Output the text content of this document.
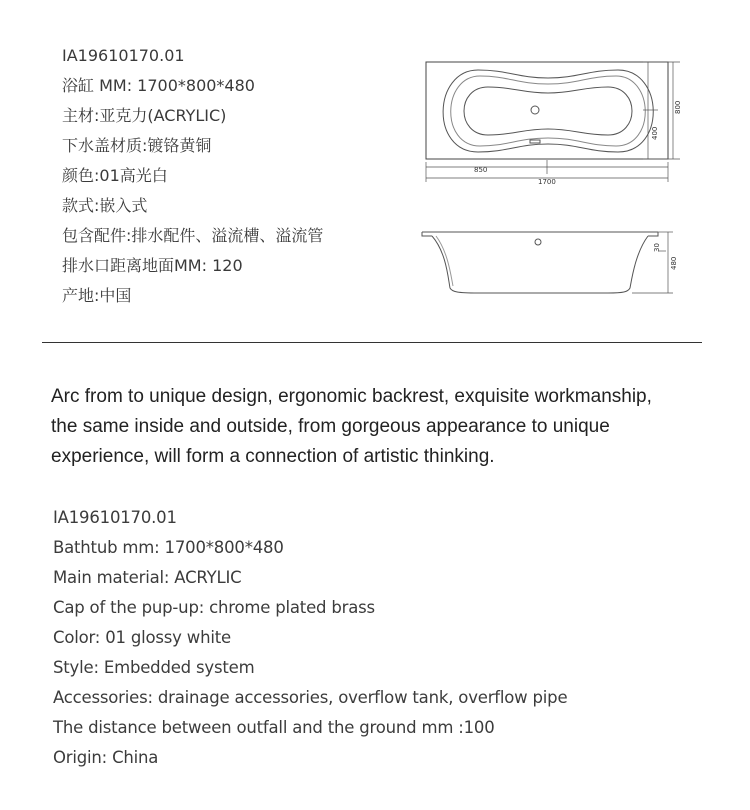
IA19610170.01
浴缸 MM: 1700*800*480
主材:亚克力(ACRYLIC)
下水盖材质:镀铬黄铜
颜色:01高光白
款式:嵌入式
包含配件:排水配件、溢流槽、溢流管
排水口距离地面MM: 120
产地:中国
850
1700
800
400
30
480
Arc from to unique design, ergonomic backrest, exquisite workmanship,
the same inside and outside, from gorgeous appearance to unique
experience, will form a connection of artistic thinking.
IA19610170.01
Bathtub mm: 1700*800*480
Main material: ACRYLIC
Cap of the pup-up: chrome plated brass
Color: 01 glossy white
Style: Embedded system
Accessories: drainage accessories, overflow tank, overflow pipe
The distance between outfall and the ground mm :100
Origin: China
